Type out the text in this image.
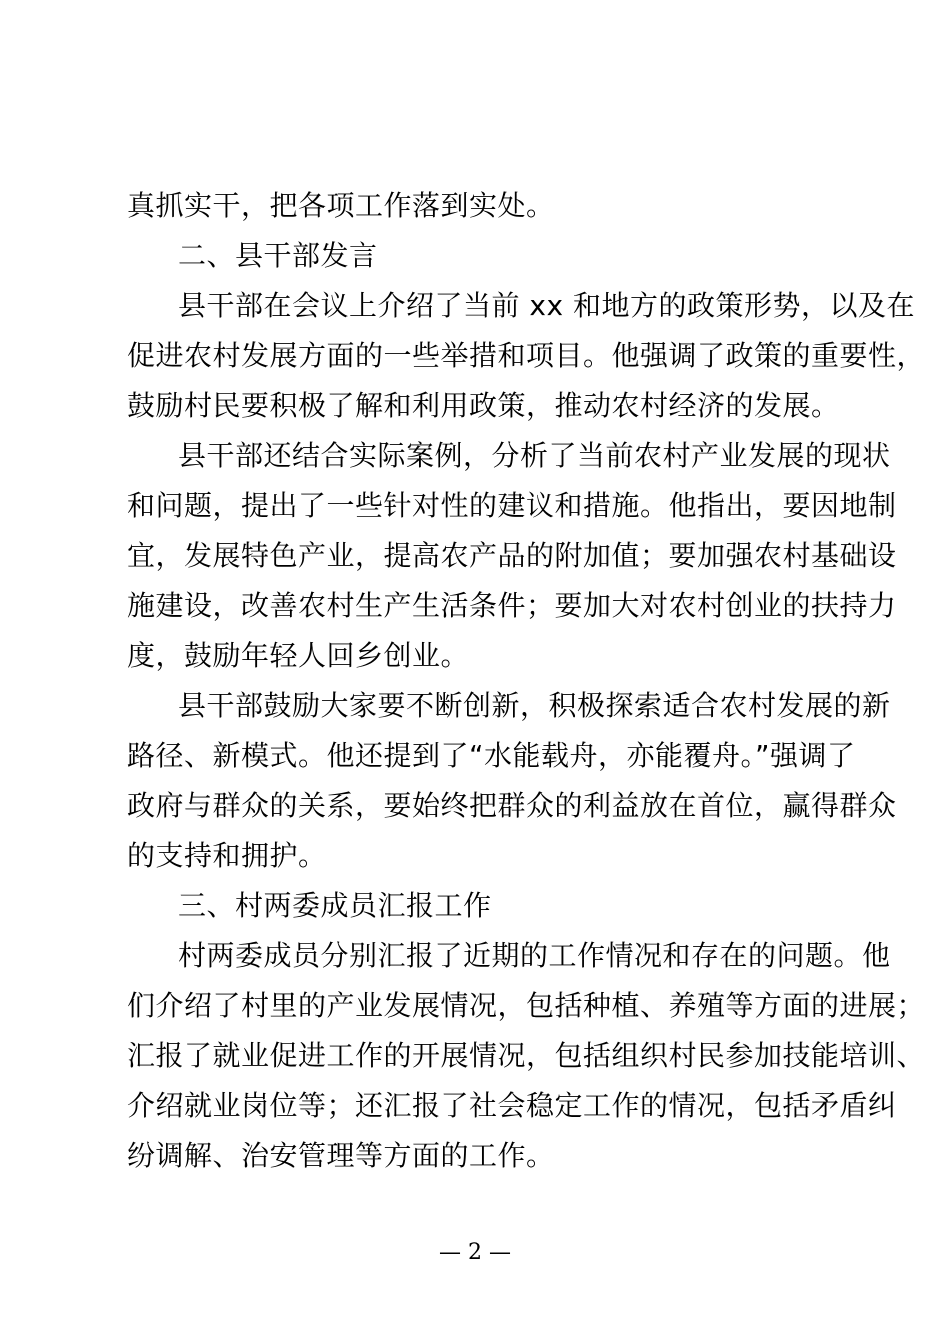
真抓实干，把各项工作落到实处。
二、县干部发言
县干部在会议上介绍了当前 xx 和地方的政策形势，以及在
促进农村发展方面的一些举措和项目。他强调了政策的重要性，
鼓励村民要积极了解和利用政策，推动农村经济的发展。
县干部还结合实际案例，分析了当前农村产业发展的现状
和问题，提出了一些针对性的建议和措施。他指出，要因地制
宜，发展特色产业，提高农产品的附加值；要加强农村基础设
施建设，改善农村生产生活条件；要加大对农村创业的扶持力
度，鼓励年轻人回乡创业。
县干部鼓励大家要不断创新，积极探索适合农村发展的新
路径、新模式。他还提到了“水能载舟，亦能覆舟。”强调了
政府与群众的关系，要始终把群众的利益放在首位，赢得群众
的支持和拥护。
三、村两委成员汇报工作
村两委成员分别汇报了近期的工作情况和存在的问题。他
们介绍了村里的产业发展情况，包括种植、养殖等方面的进展；
汇报了就业促进工作的开展情况，包括组织村民参加技能培训、
介绍就业岗位等；还汇报了社会稳定工作的情况，包括矛盾纠
纷调解、治安管理等方面的工作。
— 2 —
